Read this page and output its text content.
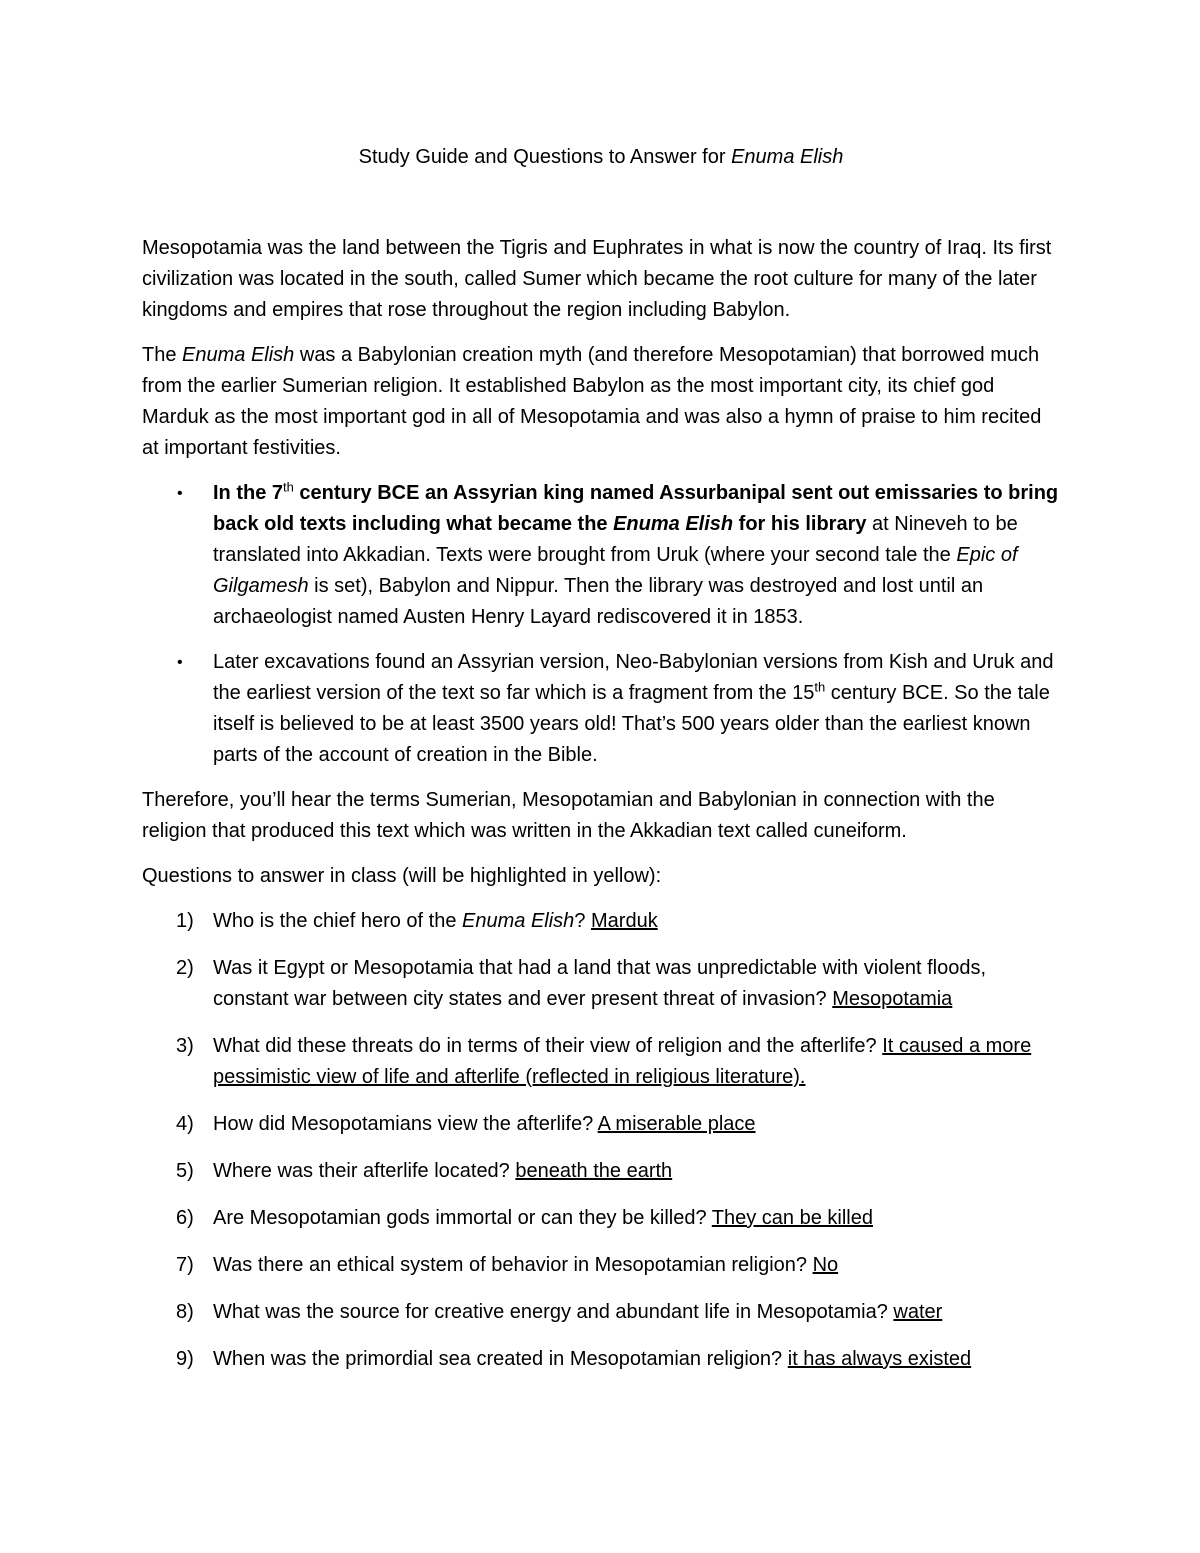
Study Guide and Questions to Answer for Enuma Elish

Mesopotamia was the land between the Tigris and Euphrates in what is now the country of Iraq. Its first civilization was located in the south, called Sumer which became the root culture for many of the later kingdoms and empires that rose throughout the region including Babylon.

The Enuma Elish was a Babylonian creation myth (and therefore Mesopotamian) that borrowed much from the earlier Sumerian religion. It established Babylon as the most important city, its chief god Marduk as the most important god in all of Mesopotamia and was also a hymn of praise to him recited at important festivities.

• In the 7th century BCE an Assyrian king named Assurbanipal sent out emissaries to bring back old texts including what became the Enuma Elish for his library at Nineveh to be translated into Akkadian. Texts were brought from Uruk (where your second tale the Epic of Gilgamesh is set), Babylon and Nippur. Then the library was destroyed and lost until an archaeologist named Austen Henry Layard rediscovered it in 1853.
• Later excavations found an Assyrian version, Neo-Babylonian versions from Kish and Uruk and the earliest version of the text so far which is a fragment from the 15th century BCE. So the tale itself is believed to be at least 3500 years old! That’s 500 years older than the earliest known parts of the account of creation in the Bible.

Therefore, you’ll hear the terms Sumerian, Mesopotamian and Babylonian in connection with the religion that produced this text which was written in the Akkadian text called cuneiform.

Questions to answer in class (will be highlighted in yellow):

1) Who is the chief hero of the Enuma Elish? Marduk
2) Was it Egypt or Mesopotamia that had a land that was unpredictable with violent floods, constant war between city states and ever present threat of invasion? Mesopotamia
3) What did these threats do in terms of their view of religion and the afterlife? It caused a more pessimistic view of life and afterlife (reflected in religious literature).
4) How did Mesopotamians view the afterlife? A miserable place
5) Where was their afterlife located? beneath the earth
6) Are Mesopotamian gods immortal or can they be killed? They can be killed
7) Was there an ethical system of behavior in Mesopotamian religion? No
8) What was the source for creative energy and abundant life in Mesopotamia? water
9) When was the primordial sea created in Mesopotamian religion? it has always existed
